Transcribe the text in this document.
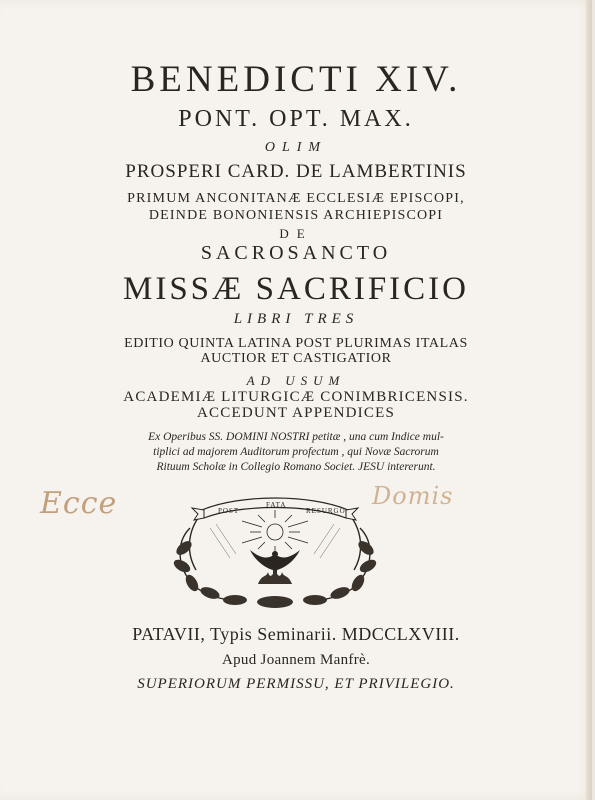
BENEDICTI XIV.
PONT. OPT. MAX.
OLIM
PROSPERI CARD. DE LAMBERTINIS
PRIMUM ANCONITANÆ ECCLESIÆ EPISCOPI,
DEINDE BONONIENSIS ARCHIEPISCOPI
DE
SACROSANCTO
MISSÆ SACRIFICIO
LIBRI TRES
EDITIO QUINTA LATINA POST PLURIMAS ITALAS
AUCTIOR ET CASTIGATIOR
AD USUM
ACADEMIÆ LITURGICÆ CONIMBRICENSIS.
ACCEDUNT APPENDICES
Ex Operibus SS. DOMINI NOSTRI petitæ , una cum Indice mul-
tiplici ad majorem Auditorum profectum , qui Novæ Sacrorum
Rituum Scholæ in Collegio Romano Societ. JESU intererunt.
Ecce	Domis
POST
FATA
RESURGO
PATAVII, Typis Seminarii. MDCCLXVIII.
Apud Joannem Manfrè.
SUPERIORUM PERMISSU, ET PRIVILEGIO.
